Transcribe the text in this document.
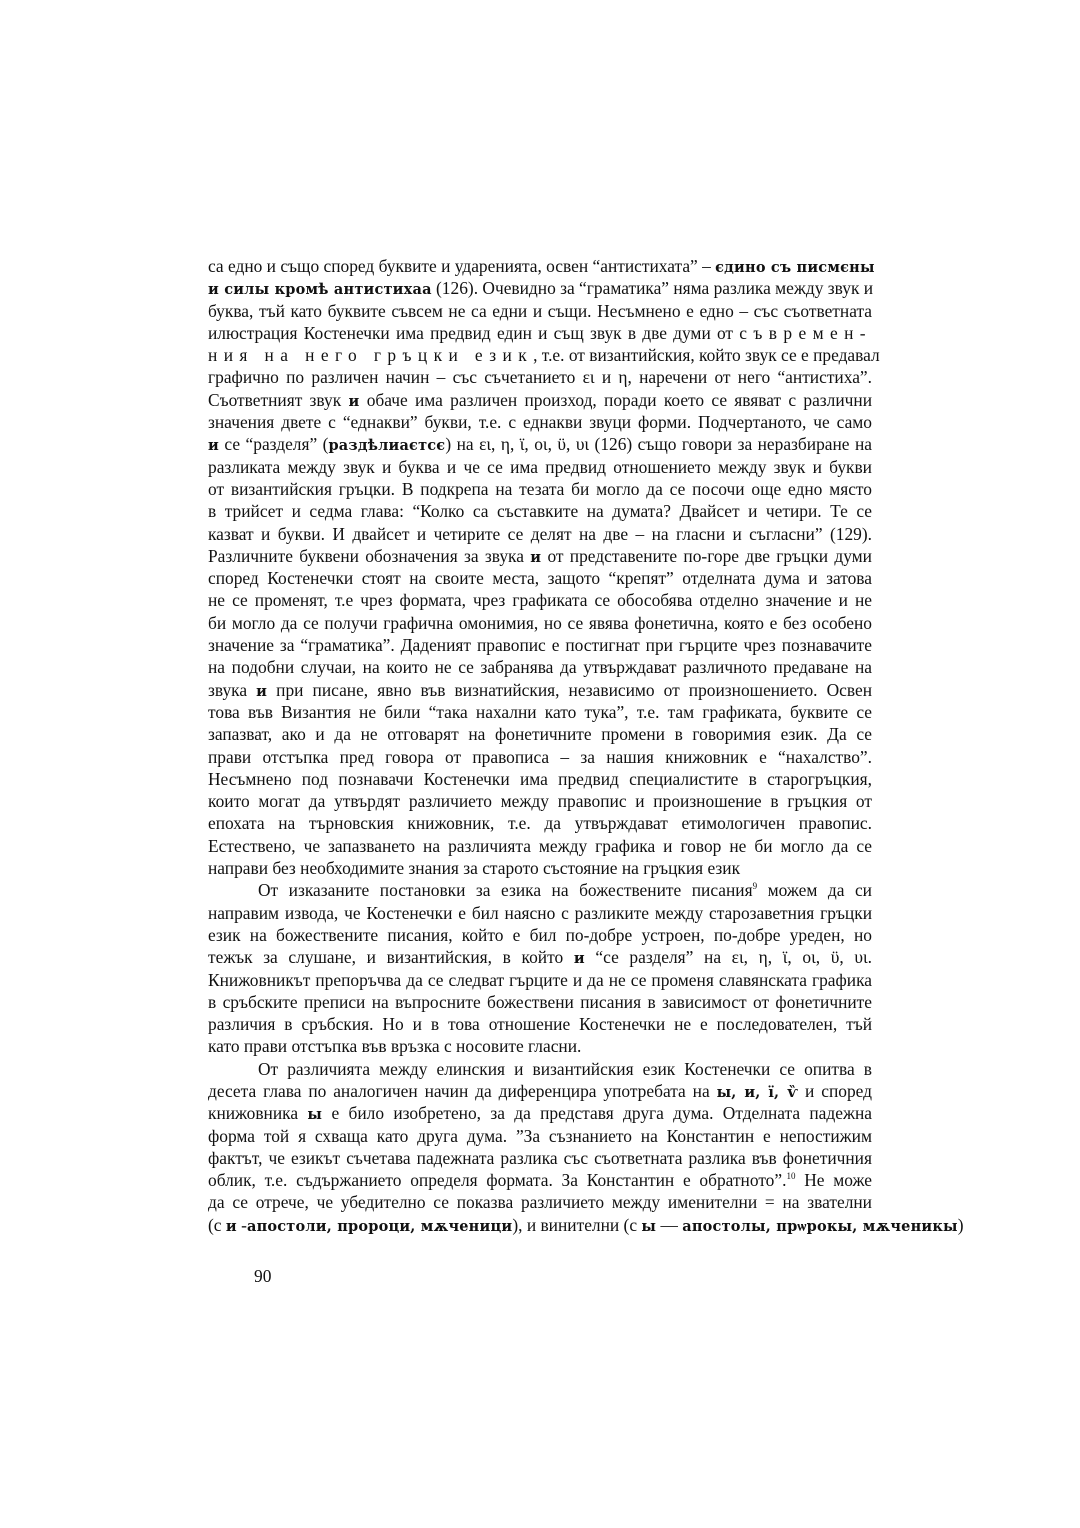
са едно и също според буквите и ударенията, освен “антистихата” – єдино съ писмєны
и силы кромѣ антистихаа (126). Очевидно за “граматика” няма разлика между звук и
буква, тъй като буквите съвсем не са едни и същи. Несъмнено е едно – със съответната
илюстрация Костенечки има предвид един и същ звук в две думи от съвремен-
ния на него гръцки език, т.е. от византийския, който звук се е предавал
графично по различен начин – със съчетанието ει и η, наречени от него “антистиха”.
Съответният звук и обаче има различен произход, поради което се явяват с различни
значения двете с “еднакви” букви, т.е. с еднакви звуци форми. Подчертаното, че само
и се “разделя” (раздѣлиаєтсє) на ει, η, ϊ, οι, ϋ, υι (126) също говори за неразбиране на
разликата между звук и буква и че се има предвид отношението между звук и букви
от византийския гръцки. В подкрепа на тезата би могло да се посочи още едно място
в трийсет и седма глава: “Колко са съставките на думата? Двайсет и четири. Те се
казват и букви. И двайсет и четирите се делят на две – на гласни и съгласни” (129).
Различните буквени обозначения за звука и от представените по-горе две гръцки думи
според Костенечки стоят на своите места, защото “крепят” отделната дума и затова
не се променят, т.е чрез формата, чрез графиката се обособява отделно значение и не
би могло да се получи графична омонимия, но се явява фонетична, която е без особено
значение за “граматика”. Даденият правопис е постигнат при гърците чрез познавачите
на подобни случаи, на които не се забранява да утвърждават различното предаване на
звука и при писане, явно във визнатийския, независимо от произношението. Освен
това във Византия не били “така нахални като тука”, т.е. там графиката, буквите се
запазват, ако и да не отговарят на фонетичните промени в говоримия език. Да се
прави отстъпка пред говора от правописа – за нашия книжовник е “нахалство”.
Несъмнено под познавачи Костенечки има предвид специалистите в старогръцкия,
които могат да утвърдят различието между правопис и произношение в гръцкия от
епохата на търновския книжовник, т.е. да утвърждават етимологичен правопис.
Естествено, че запазването на различията между графика и говор не би могло да се
направи без необходимите знания за старото състояние на гръцкия език
От изказаните постановки за езика на божествените писания$^9$ можем да си
направим извода, че Костенечки е бил наясно с разликите между старозаветния гръцки
език на божествените писания, който е бил по-добре устроен, по-добре уреден, но
тежък за слушане, и византийския, в който и “се разделя” на ει, η, ϊ, οι, ϋ, υι.
Книжовникът препоръчва да се следват гърците и да не се променя славянската графика
в сръбските преписи на въпросните божествени писания в зависимост от фонетичните
различия в сръбския. Но и в това отношение Костенечки не е последователен, тъй
като прави отстъпка във връзка с носовите гласни.
От различията между елинския и византийския език Костенечки се опитва в
десета глава по аналогичен начин да диференцира употребата на ы, и, ї, ѷ и според
книжовника ы е било изобретено, за да представя друга дума. Отделната падежна
форма той я схваща като друга дума. ”За съзнанието на Константин е непостижим
фактът, че езикът съчетава падежната разлика със съответната разлика във фонетичния
облик, т.е. съдържанието определя формата. За Константин е обратното”.$^{10}$ Не може
да се отрече, че убедително се показва различието между именителни = на звателни
(с и -апостоли, пророци, мѫченици), и винителни (с ы — апостолы, прѡрокы, мѫченикы)
90
